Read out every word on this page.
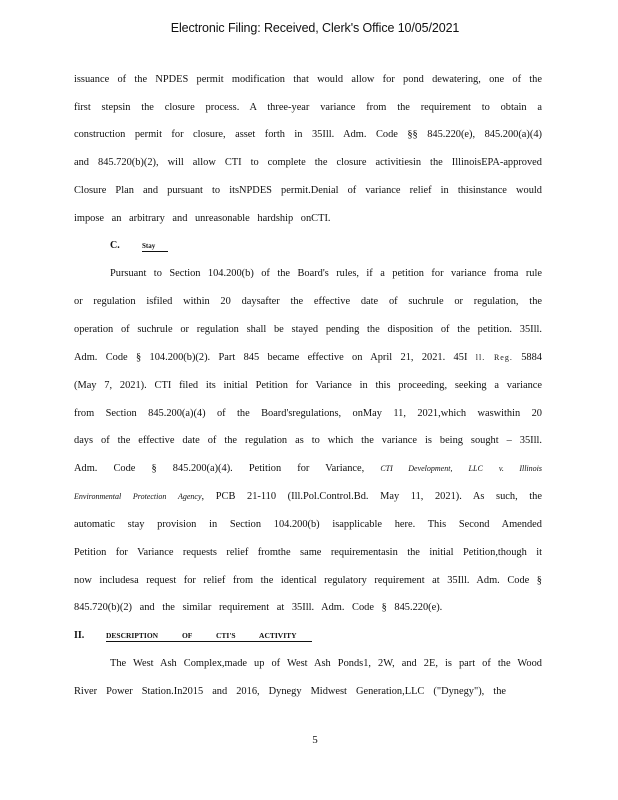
Electronic Filing: Received, Clerk's Office 10/05/2021
issuance of the NPDES permit modification that would allow for pond dewatering, one of the
first stepsin the closure process. A three-year variance from the requirement to obtain a
construction permit for closure, asset forth in 35Ill. Adm. Code §§ 845.220(e), 845.200(a)(4)
and 845.720(b)(2), will allow CTI to complete the closure activitiesin the IllinoisEPA-approved
Closure Plan and pursuant to itsNPDES permit.Denial of variance relief in thisinstance would
impose an arbitrary and unreasonable hardship onCTI.
C.	Stay
Pursuant to Section 104.200(b) of the Board's rules, if a petition for variance froma rule
or regulation isfiled within 20 daysafter the effective date of suchrule or regulation, the
operation of suchrule or regulation shall be stayed pending the disposition of the petition. 35Ill.
Adm. Code § 104.200(b)(2). Part 845 became effective on April 21, 2021. 45I ll. Reg. 5884
(May 7, 2021). CTI filed its initial Petition for Variance in this proceeding, seeking a variance
from Section 845.200(a)(4) of the Board'sregulations, onMay 11, 2021,which waswithin 20
days of the effective date of the regulation as to which the variance is being sought – 35Ill.
Adm. Code § 845.200(a)(4). Petition for Variance, CTI Development, LLC v. Illinois
Environmental Protection Agency, PCB 21-110 (Ill.Pol.Control.Bd. May 11, 2021). As such, the
automatic stay provision in Section 104.200(b) isapplicable here. This Second Amended
Petition for Variance requests relief fromthe same requirementasin the initial Petition,though it
now includesa request for relief from the identical regulatory requirement at 35Ill. Adm. Code §
845.720(b)(2) and the similar requirement at 35Ill. Adm. Code § 845.220(e).
II.	DESCRIPTION OF CTI'S ACTIVITY
The West Ash Complex,made up of West Ash Ponds1, 2W, and 2E, is part of the Wood
River Power Station.In2015 and 2016, Dynegy Midwest Generation,LLC ("Dynegy"), the
5
